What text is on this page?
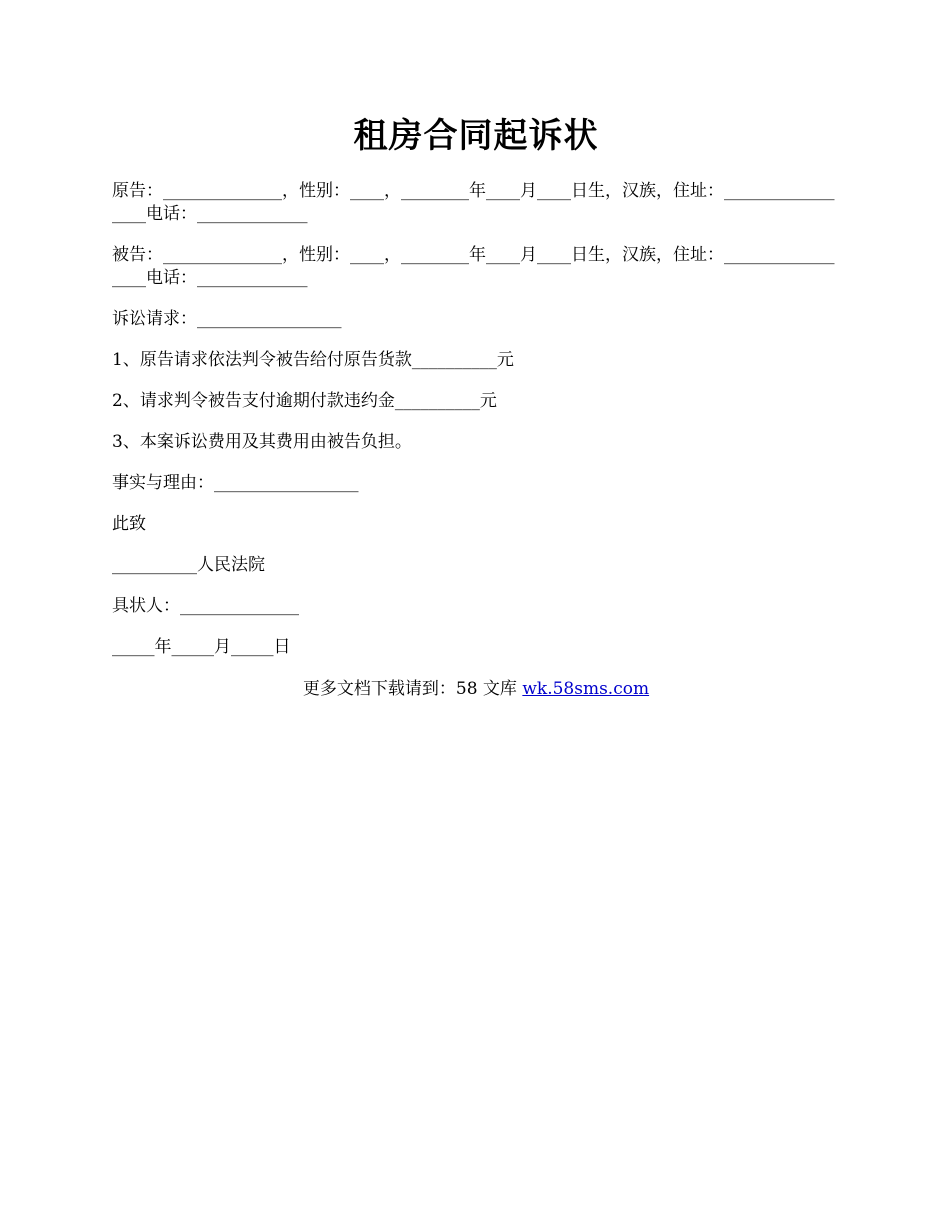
租房合同起诉状

原告：______________，性别：____，________年____月____日生，汉族，住址：_________________电话：_____________

被告：______________，性别：____，________年____月____日生，汉族，住址：_________________电话：_____________

诉讼请求：_________________

1、原告请求依法判令被告给付原告货款__________元

2、请求判令被告支付逾期付款违约金__________元

3、本案诉讼费用及其费用由被告负担。

事实与理由：_________________

此致

__________人民法院

具状人：______________

_____年_____月_____日

更多文档下载请到：58 文库 wk.58sms.com
